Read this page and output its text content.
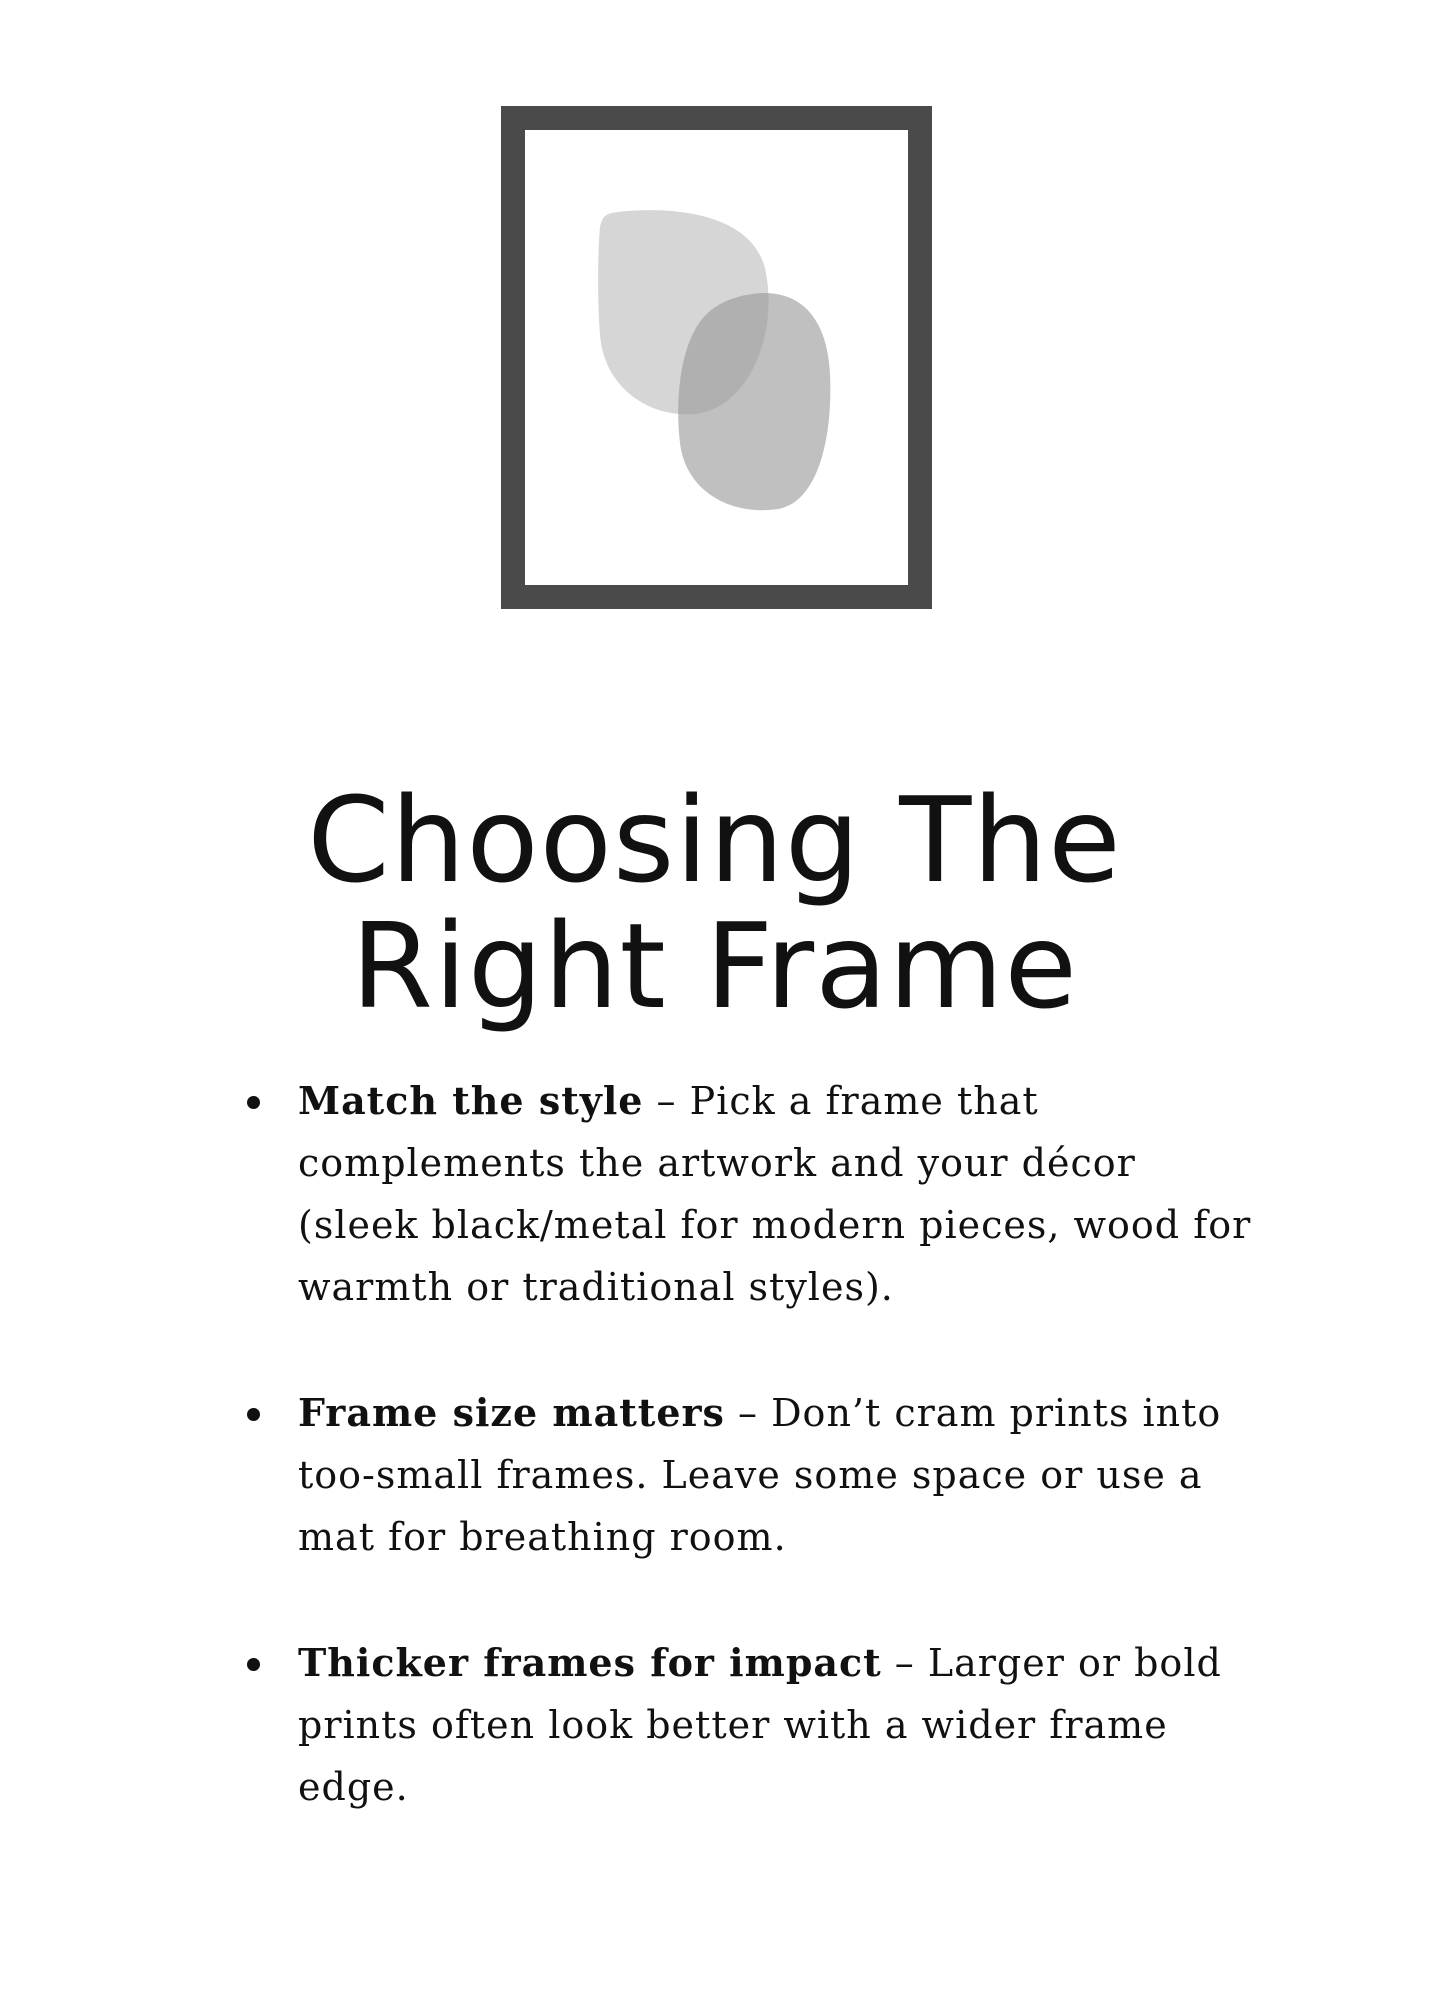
Choosing The
Right Frame
Match the style – Pick a frame that complements the artwork and your décor (sleek black/metal for modern pieces, wood for warmth or traditional styles).
Frame size matters – Don’t cram prints into too-small frames. Leave some space or use a mat for breathing room.
Thicker frames for impact – Larger or bold prints often look better with a wider frame edge.
